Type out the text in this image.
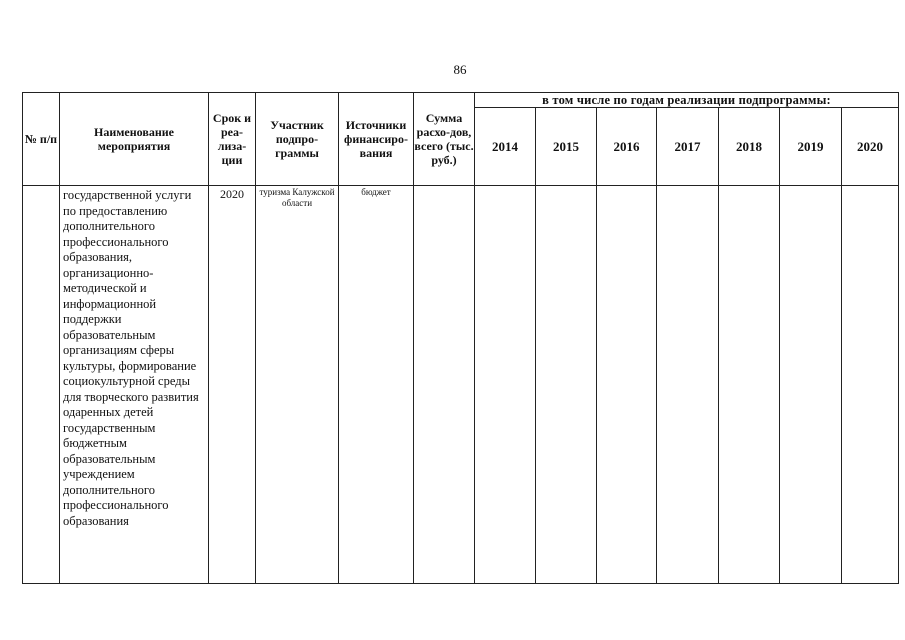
86
№ п/п	Наименование мероприятия	Срок и реа-лиза-ции	Участник подпро-граммы	Источники финансиро-вания	Сумма расхо-дов, всего (тыс. руб.)	в том числе по годам реализации подпрограммы:						
						2014	2015	2016	2017	2018	2019	2020
	государственной услуги по предоставлению дополнительного профессионального образования, организационно-методической и информационной поддержки образовательным организациям сферы культуры, формирование социокультурной среды для творческого развития одаренных детей государственным бюджетным образовательным учреждением дополнительного профессионального образования	2020	туризма Калужской области	бюджет								
